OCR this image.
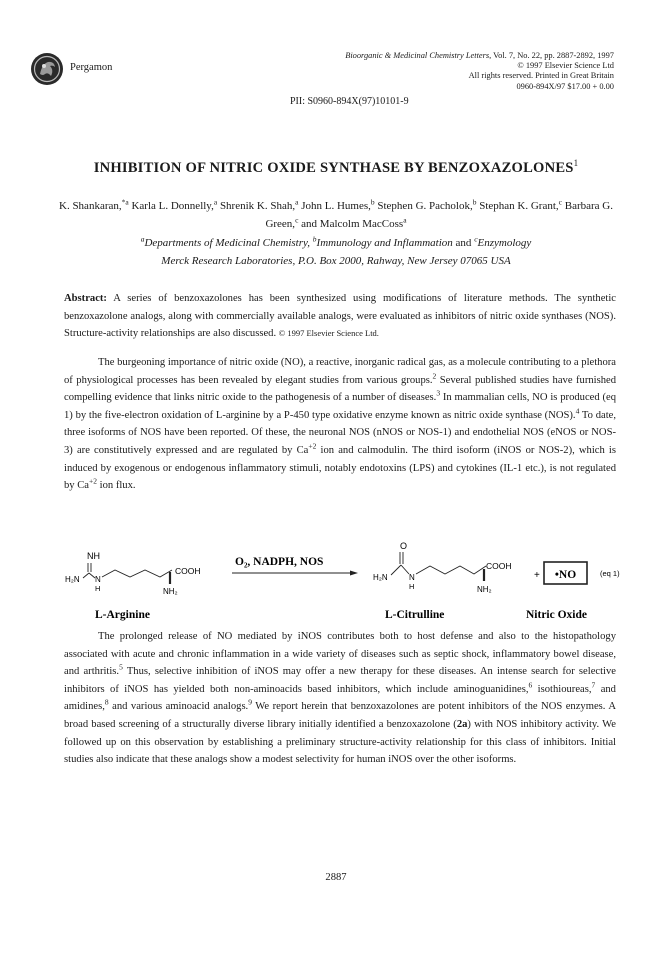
Pergamon
Bioorganic & Medicinal Chemistry Letters, Vol. 7, No. 22, pp. 2887-2892, 1997
© 1997 Elsevier Science Ltd
All rights reserved. Printed in Great Britain
0960-894X/97 $17.00 + 0.00
PII: S0960-894X(97)10101-9
INHIBITION OF NITRIC OXIDE SYNTHASE BY BENZOXAZOLONES$^1$
K. Shankaran,$^{*a}$ Karla L. Donnelly,$^a$ Shrenik K. Shah,$^a$ John L. Humes,$^b$ Stephen G. Pacholok,$^b$ Stephan K. Grant,$^c$ Barbara G. Green,$^c$ and Malcolm MacCoss$^a$
$^a$Departments of Medicinal Chemistry, $^b$Immunology and Inflammation and $^c$Enzymology
Merck Research Laboratories, P.O. Box 2000, Rahway, New Jersey 07065 USA
Abstract: A series of benzoxazolones has been synthesized using modifications of literature methods. The synthetic benzoxazolone analogs, along with commercially available analogs, were evaluated as inhibitors of nitric oxide synthases (NOS). Structure-activity relationships are also discussed. © 1997 Elsevier Science Ltd.
The burgeoning importance of nitric oxide (NO), a reactive, inorganic radical gas, as a molecule contributing to a plethora of physiological processes has been revealed by elegant studies from various groups.$^2$ Several published studies have furnished compelling evidence that links nitric oxide to the pathogenesis of a number of diseases.$^3$ In mammalian cells, NO is produced (eq 1) by the five-electron oxidation of L-arginine by a P-450 type oxidative enzyme known as nitric oxide synthase (NOS).$^4$ To date, three isoforms of NOS have been reported. Of these, the neuronal NOS (nNOS or NOS-1) and endothelial NOS (eNOS or NOS-3) are constitutively expressed and are regulated by $Ca^{+2}$ ion and calmodulin. The third isoform (iNOS or NOS-2), which is induced by exogenous or endogenous inflammatory stimuli, notably endotoxins (LPS) and cytokines (IL-1 etc.), is not regulated by $Ca^{+2}$ ion flux.
NH
H₂N N
H
COOH
NH₂
O₂, NADPH, NOS
O
H₂N	N
H
COOH
NH₂
+ •NO	(eq 1)
L-Arginine	L-Citrulline	Nitric Oxide
The prolonged release of NO mediated by iNOS contributes both to host defense and also to the histopathology associated with acute and chronic inflammation in a wide variety of diseases such as septic shock, inflammatory bowel disease, and arthritis.$^5$ Thus, selective inhibition of iNOS may offer a new therapy for these diseases. An intense search for selective inhibitors of iNOS has yielded both non-aminoacids based inhibitors, which include aminoguanidines,$^6$ isothioureas,$^7$ and amidines,$^8$ and various aminoacid analogs.$^9$ We report herein that benzoxazolones are potent inhibitors of the NOS enzymes. A broad based screening of a structurally diverse library initially identified a benzoxazolone (2a) with NOS inhibitory activity. We followed up on this observation by establishing a preliminary structure-activity relationship for this class of inhibitors. Initial studies also indicate that these analogs show a modest selectivity for human iNOS over the other isoforms.
2887
